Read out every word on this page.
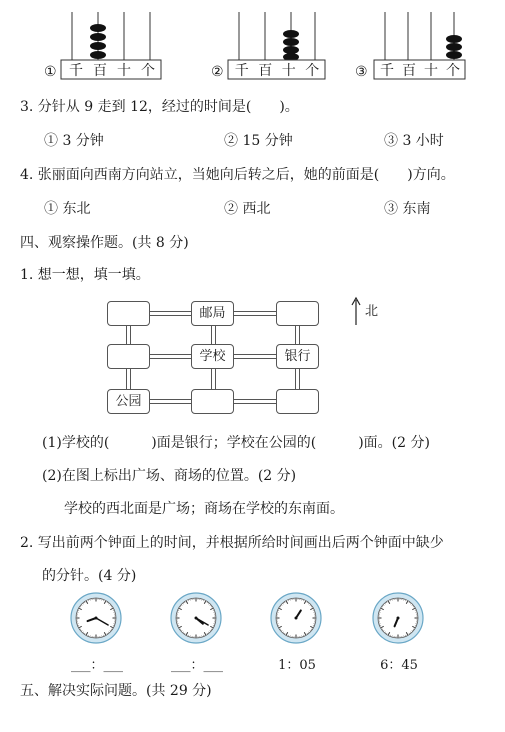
① 千 百 十 个	② 千 百 十 个	③ 千 百 十 个
3. 分针从 9 走到 12，经过的时间是(　　)。
① 3 分钟	② 15 分钟	③ 3 小时
4. 张丽面向西南方向站立，当她向后转之后，她的前面是(　　)方向。
① 东北	② 西北	③ 东南
四、观察操作题。(共 8 分)
1. 想一想，填一填。
邮局
学校	银行
公园
北
(1)学校的(　　　)面是银行；学校在公园的(　　　)面。(2 分)
(2)在图上标出广场、商场的位置。(2 分)
学校的西北面是广场；商场在学校的东南面。
2. 写出前两个钟面上的时间，并根据所给时间画出后两个钟面中缺少
的分针。(4 分)
___：___	___：___	1：05	6：45
五、解决实际问题。(共 29 分)
